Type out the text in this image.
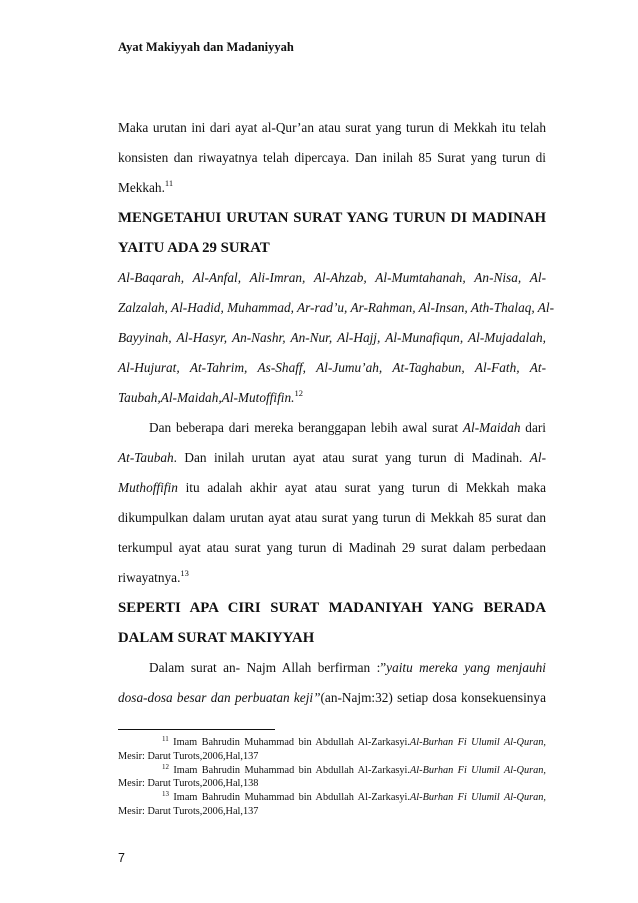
Ayat Makiyyah dan Madaniyyah
Maka urutan ini dari ayat al-Qur’an atau surat yang turun di Mekkah itu telah
konsisten dan riwayatnya telah dipercaya. Dan inilah 85 Surat yang turun di
Mekkah.$^{11}$
MENGETAHUI URUTAN SURAT YANG TURUN DI MADINAH
YAITU ADA 29 SURAT
Al-Baqarah, Al-Anfal, Ali-Imran, Al-Ahzab, Al-Mumtahanah, An-Nisa, Al-
Zalzalah, Al-Hadid, Muhammad, Ar-rad’u, Ar-Rahman, Al-Insan, Ath-Thalaq, Al-
Bayyinah, Al-Hasyr, An-Nashr, An-Nur, Al-Hajj, Al-Munafiqun, Al-Mujadalah,
Al-Hujurat, At-Tahrim, As-Shaff, Al-Jumu’ah, At-Taghabun, Al-Fath, At-
Taubah,Al-Maidah,Al-Mutoffifin.$^{12}$
Dan beberapa dari mereka beranggapan lebih awal surat Al-Maidah dari
At-Taubah. Dan inilah urutan ayat atau surat yang turun di Madinah. Al-
Muthoffifin itu adalah akhir ayat atau surat yang turun di Mekkah maka
dikumpulkan dalam urutan ayat atau surat yang turun di Mekkah 85 surat dan
terkumpul ayat atau surat yang turun di Madinah 29 surat dalam perbedaan
riwayatnya.$^{13}$
SEPERTI APA CIRI SURAT MADANIYAH YANG BERADA
DALAM SURAT MAKIYYAH
Dalam surat an- Najm Allah berfirman :”yaitu mereka yang menjauhi
dosa-dosa besar dan perbuatan keji”(an-Najm:32) setiap dosa konsekuensinya
$^{11}$ Imam Bahrudin Muhammad bin Abdullah Al-Zarkasyi.Al-Burhan Fi Ulumil Al-Quran,
Mesir: Darut Turots,2006,Hal,137
$^{12}$ Imam Bahrudin Muhammad bin Abdullah Al-Zarkasyi.Al-Burhan Fi Ulumil Al-Quran,
Mesir: Darut Turots,2006,Hal,138
$^{13}$ Imam Bahrudin Muhammad bin Abdullah Al-Zarkasyi.Al-Burhan Fi Ulumil Al-Quran,
Mesir: Darut Turots,2006,Hal,137
7
